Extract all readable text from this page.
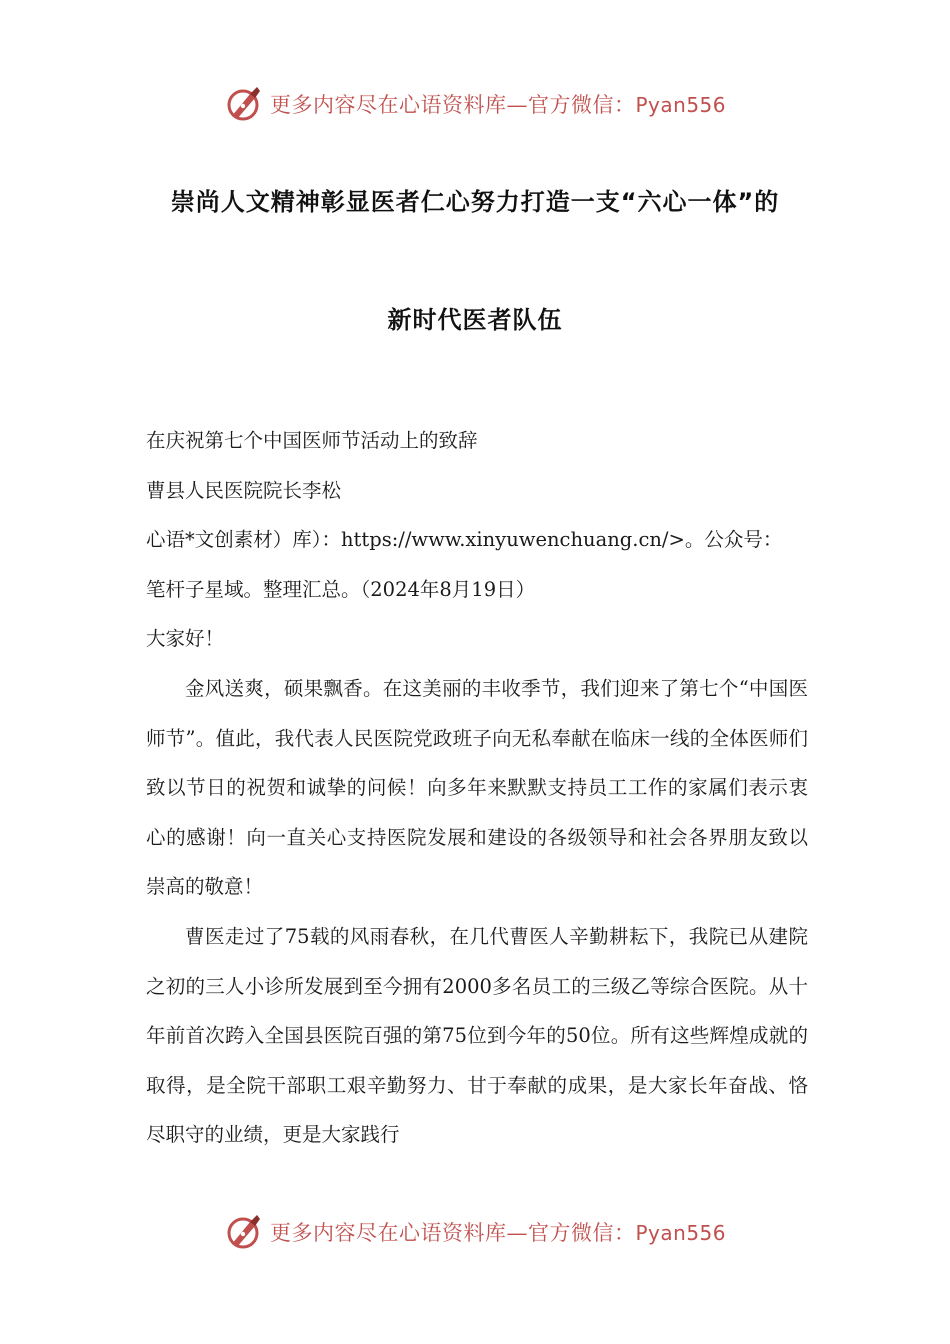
更多内容尽在心语资料库—官方微信：Pyan556
崇尚人文精神彰显医者仁心努力打造一支“六心一体”的
新时代医者队伍
在庆祝第七个中国医师节活动上的致辞
曹县人民医院院长李松
心语*文创素材）库）：https://www.xinyuwenchuang.cn/>。公众号：
笔杆子星域。整理汇总。（2024年8月19日）
大家好！

金风送爽，硕果飘香。在这美丽的丰收季节，我们迎来了第七个“中国医师节”。值此，我代表人民医院党政班子向无私奉献在临床一线的全体医师们致以节日的祝贺和诚挚的问候！向多年来默默支持员工工作的家属们表示衷心的感谢！向一直关心支持医院发展和建设的各级领导和社会各界朋友致以崇高的敬意！

曹医走过了75载的风雨春秋，在几代曹医人辛勤耕耘下，我院已从建院之初的三人小诊所发展到至今拥有2000多名员工的三级乙等综合医院。从十年前首次跨入全国县医院百强的第75位到今年的50位。所有这些辉煌成就的取得，是全院干部职工艰辛勤努力、甘于奉献的成果，是大家长年奋战、恪尽职守的业绩，更是大家践行

更多内容尽在心语资料库—官方微信：Pyan556
